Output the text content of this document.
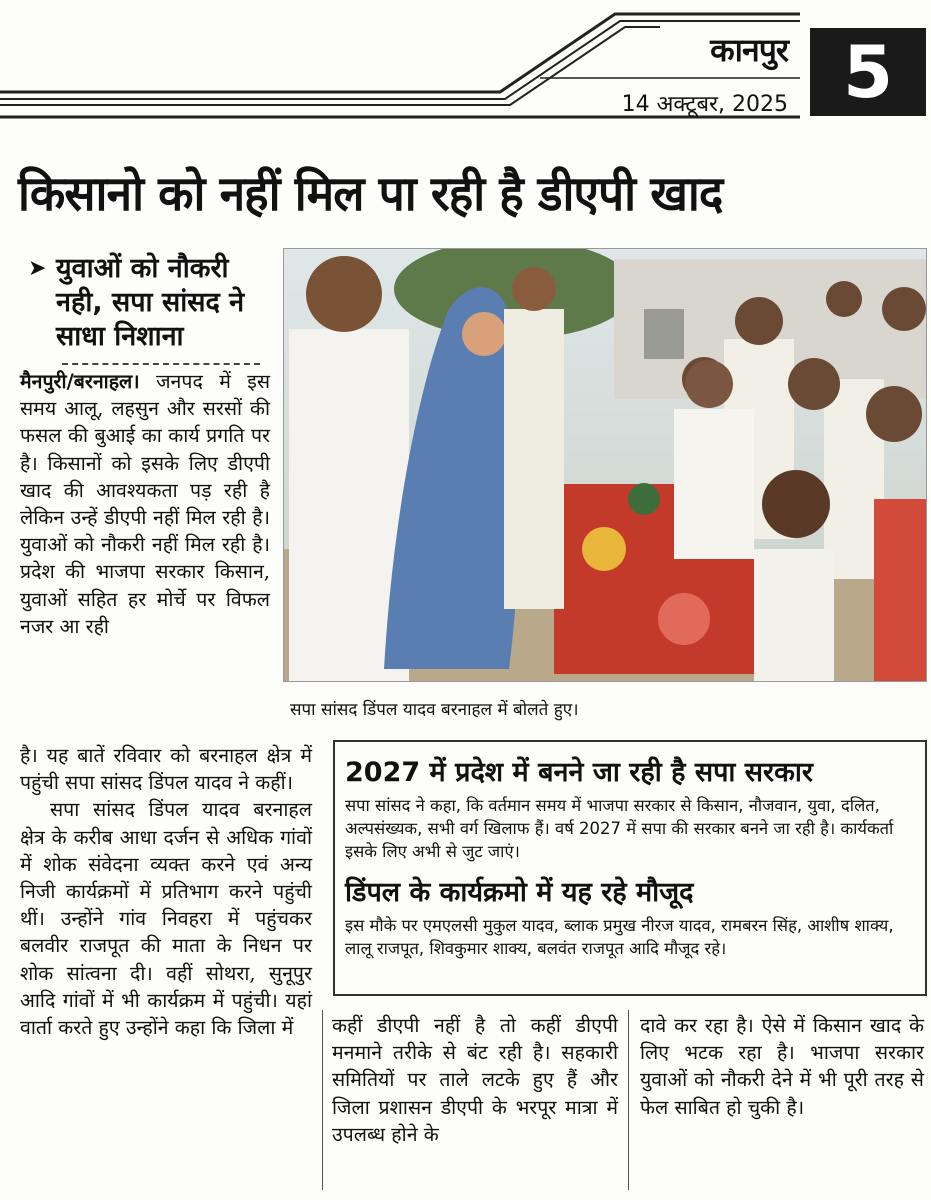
कानपुर
14 अक्टूबर, 2025 5
किसानो को नहीं मिल पा रही है डीएपी खाद
➤ युवाओं को नौकरी नही, सपा सांसद ने साधा निशाना

मैनपुरी/बरनाहल। जनपद में इस समय आलू, लहसुन और सरसों की फसल की बुआई का कार्य प्रगति पर है। किसानों को इसके लिए डीएपी खाद की आवश्यकता पड़ रही है लेकिन उन्हें डीएपी नहीं मिल रही है। युवाओं को नौकरी नहीं मिल रही है। प्रदेश की भाजपा सरकार किसान, युवाओं सहित हर मोर्चे पर विफल नजर आ रही

है। यह बातें रविवार को बरनाहल क्षेत्र में पहुंची सपा सांसद डिंपल यादव ने कहीं।

सपा सांसद डिंपल यादव बरनाहल क्षेत्र के करीब आधा दर्जन से अधिक गांवों में शोक संवेदना व्यक्त करने एवं अन्य निजी कार्यक्रमों में प्रतिभाग करने पहुंची थीं। उन्होंने गांव निवहरा में पहुंचकर बलवीर राजपूत की माता के निधन पर शोक सांत्वना दी। वहीं सोथरा, सुनूपुर आदि गांवों में भी कार्यक्रम में पहुंची। यहां वार्ता करते हुए उन्होंने कहा कि जिला में

सपा सांसद डिंपल यादव बरनाहल में बोलते हुए।
2027 में प्रदेश में बनने जा रही है सपा सरकार
सपा सांसद ने कहा, कि वर्तमान समय में भाजपा सरकार से किसान, नौजवान, युवा, दलित, अल्पसंख्यक, सभी वर्ग खिलाफ हैं। वर्ष 2027 में सपा की सरकार बनने जा रही है। कार्यकर्ता इसके लिए अभी से जुट जाएं।
डिंपल के कार्यक्रमो में यह रहे मौजूद
इस मौके पर एमएलसी मुकुल यादव, ब्लाक प्रमुख नीरज यादव, रामबरन सिंह, आशीष शाक्य, लालू राजपूत, शिवकुमार शाक्य, बलवंत राजपूत आदि मौजूद रहे।

कहीं डीएपी नहीं है तो कहीं डीएपी मनमाने तरीके से बंट रही है। सहकारी समितियों पर ताले लटके हुए हैं और जिला प्रशासन डीएपी के भरपूर मात्रा में उपलब्ध होने के

दावे कर रहा है। ऐसे में किसान खाद के लिए भटक रहा है। भाजपा सरकार युवाओं को नौकरी देने में भी पूरी तरह से फेल साबित हो चुकी है।
